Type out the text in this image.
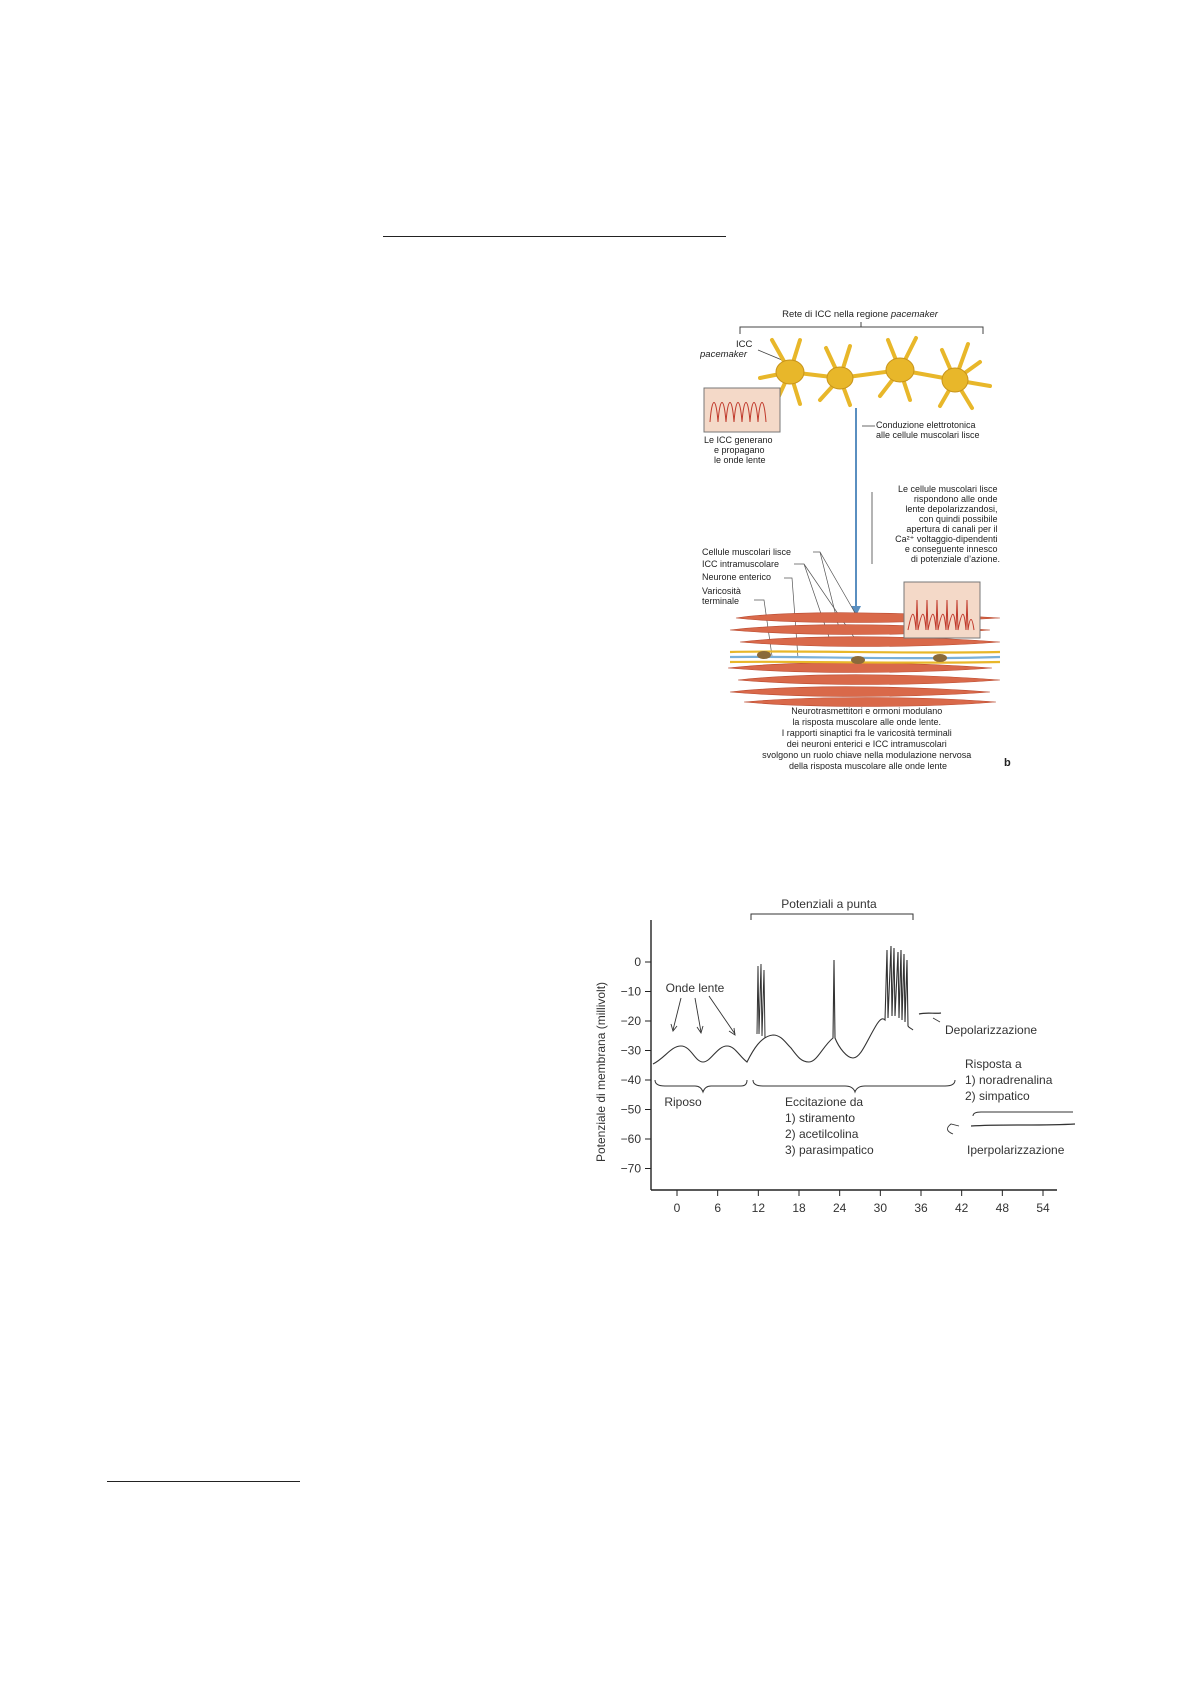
Rete di ICC nella regione pacemaker
ICC
pacemaker
Le ICC generano e propagano le onde lente
Conduzione elettrotonica alle cellule muscolari lisce
Le cellule muscolari lisce rispondono alle onde lente depolarizzandosi, con quindi possibile apertura di canali per il Ca²⁺ voltaggio-dipendenti e conseguente innesco di potenziale d’azione.
Cellule muscolari lisce ICC intramuscolare Neurone enterico Varicosità terminale
Neurotrasmettitori e ormoni modulano la risposta muscolare alle onde lente. I rapporti sinaptici fra le varicosità terminali dei neuroni enterici e ICC intramuscolari svolgono un ruolo chiave nella modulazione nervosa della risposta muscolare alle onde lente	b
Potenziale di membrana (millivolt)
0
−10
−20
−30
−40
−50
−60
−70
0	6	12 18 24 30 36 42 48 54
Potenziali a punta
Onde lente
Depolarizzazione
Riposo	Eccitazione da 1) stiramento 2) acetilcolina 3) parasimpatico
Risposta a 1) noradrenalina 2) simpatico
Iperpolarizzazione
